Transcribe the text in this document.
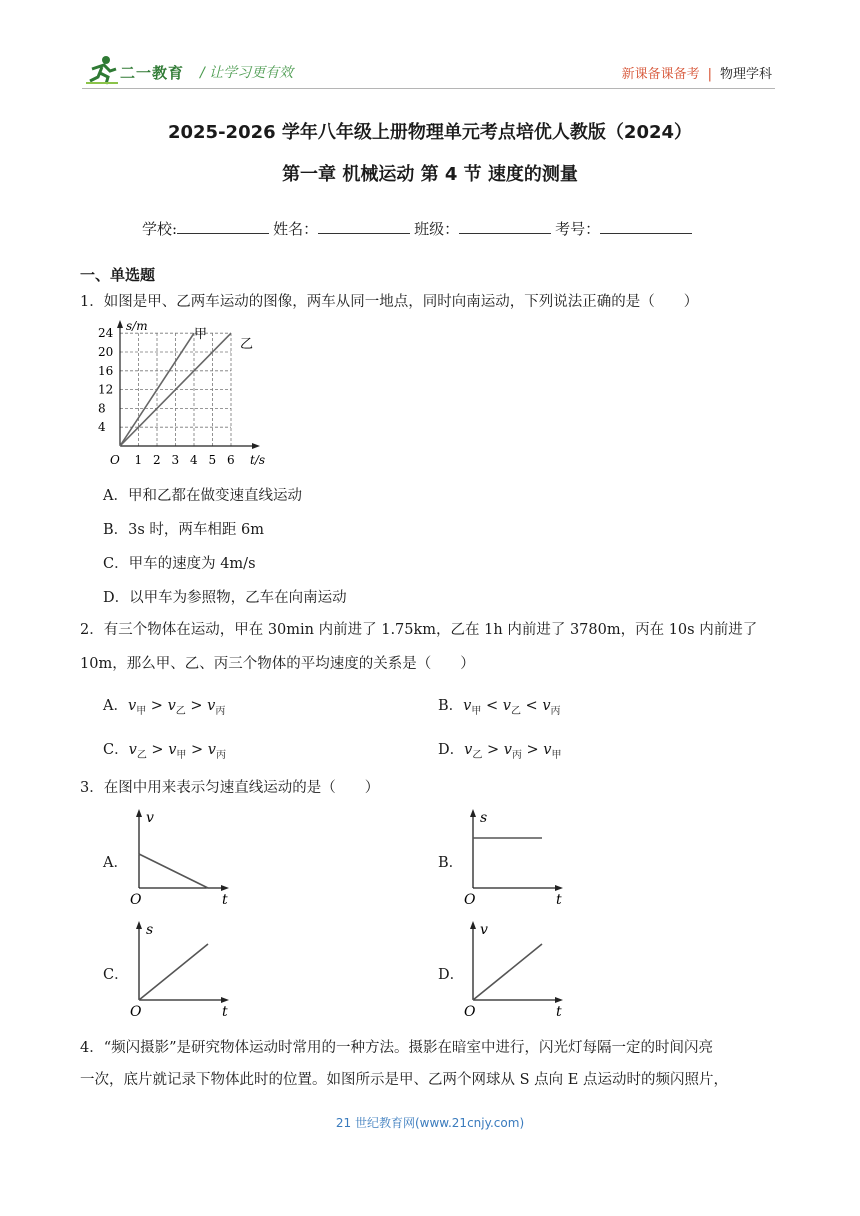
二一教育 / 让学习更有效	新课备课备考 | 物理学科
2025-2026 学年八年级上册物理单元考点培优人教版（2024）
第一章 机械运动 第 4 节 速度的测量
学校:	姓名：	班级：	考号：
一、单选题
1．如图是甲、乙两车运动的图像，两车从同一地点，同时向南运动，下列说法正确的是（　　）
s/m
t/s
O
4
8
12
16
20
24
1 2 3 4 5 6
甲
乙
A．甲和乙都在做变速直线运动
B．3s 时，两车相距 6m
C．甲车的速度为 4m/s
D．以甲车为参照物，乙车在向南运动
2．有三个物体在运动，甲在 30min 内前进了 1.75km，乙在 1h 内前进了 3780m，丙在 10s 内前进了
10m，那么甲、乙、丙三个物体的平均速度的关系是（　　）
A．$v_甲 > v_乙 > v_丙$	B．$v_甲 < v_乙 < v_丙$
C．$v_乙 > v_甲 > v_丙$	D．$v_乙 > v_丙 > v_甲$
3．在图中用来表示匀速直线运动的是（　　）
A．
v
t
O
B．
s
t
O
C．
s
t
O
D．
v
t
O
4．“频闪摄影”是研究物体运动时常用的一种方法。摄影在暗室中进行，闪光灯每隔一定的时间闪亮
一次，底片就记录下物体此时的位置。如图所示是甲、乙两个网球从 S 点向 E 点运动时的频闪照片，
21 世纪教育网(www.21cnjy.com)
